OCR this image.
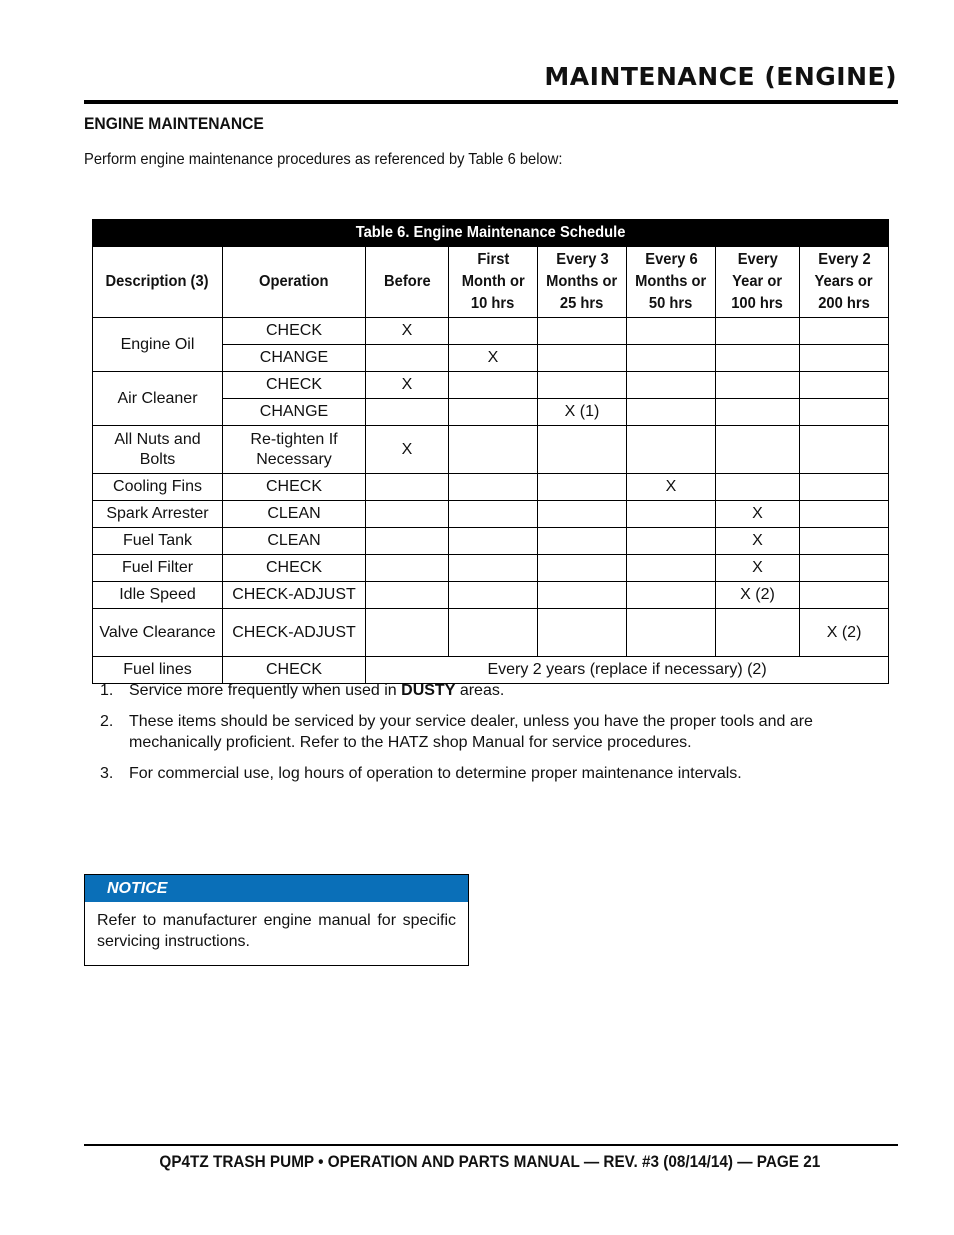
MAINTENANCE (ENGINE)
ENGINE MAINTENANCE

Perform engine maintenance procedures as referenced by Table 6 below:

Table 6. Engine Maintenance Schedule							
Description (3)	Operation	Before	First
Month or
10 hrs	Every 3
Months or
25 hrs	Every 6
Months or
50 hrs	Every
Year or
100 hrs	Every 2
Years or
200 hrs
Engine Oil	CHECK	X					
	CHANGE		X				
Air Cleaner	CHECK	X					
	CHANGE			X (1)			
All Nuts and Bolts	Re-tighten If Necessary	X					
Cooling Fins	CHECK				X		
Spark Arrester	CLEAN					X	
Fuel Tank	CLEAN					X	
Fuel Filter	CHECK					X	
Idle Speed	CHECK-ADJUST					X (2)	
Valve Clearance	CHECK-ADJUST						X (2)
Fuel lines	CHECK	Every 2 years (replace if necessary) (2)					
1. Service more frequently when used in DUSTY areas.
2. These items should be serviced by your service dealer, unless you have the proper tools and are mechanically proficient. Refer to the HATZ shop Manual for service procedures.
3. For commercial use, log hours of operation to determine proper maintenance intervals.
NOTICE
Refer to manufacturer engine manual for specific servicing instructions.

QP4TZ TRASH PUMP • OPERATION AND PARTS MANUAL — REV. #3 (08/14/14) — PAGE 21
